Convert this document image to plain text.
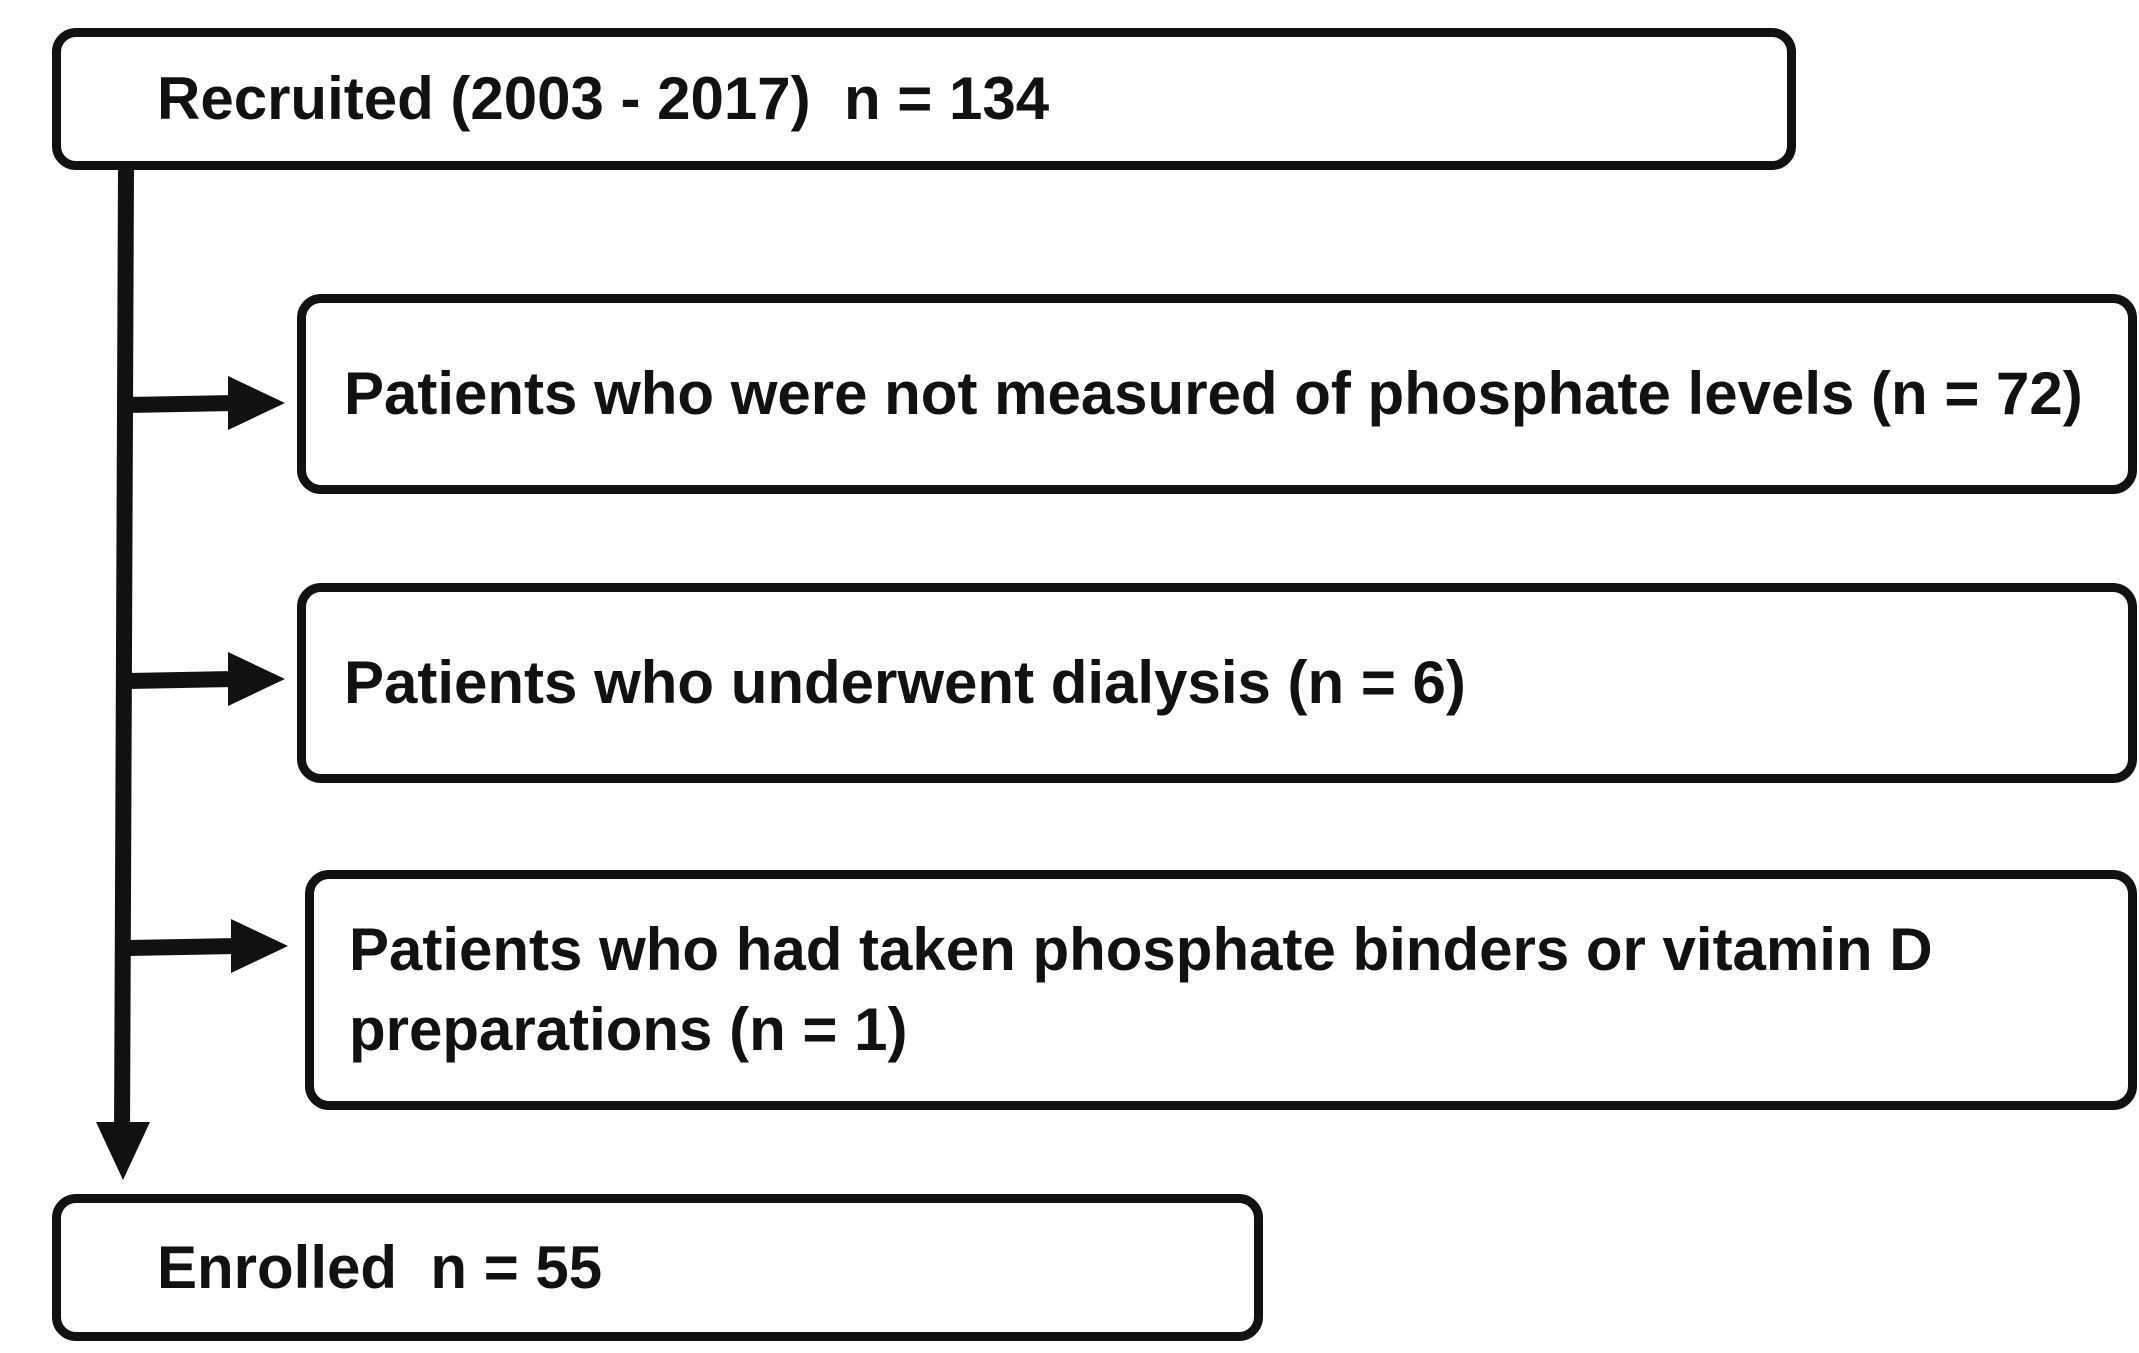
Recruited (2003 - 2017)  n = 134
Patients who were not measured of phosphate levels (n = 72)
Patients who underwent dialysis (n = 6)
Patients who had taken phosphate binders or vitamin D preparations (n = 1)
Enrolled  n = 55
